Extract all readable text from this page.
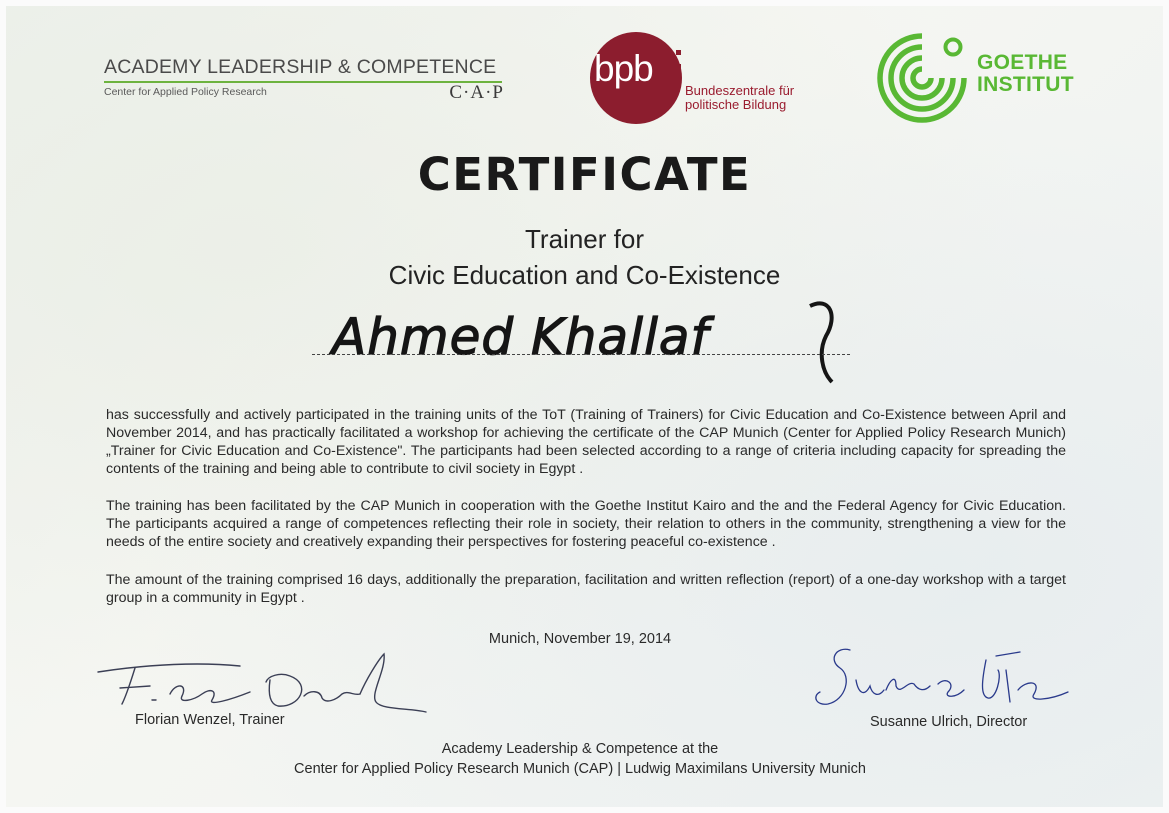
ACADEMY LEADERSHIP & COMPETENCE
Center for Applied Policy Research	C·A·P
bpb
Bundeszentrale für
politische Bildung
GOETHE
INSTITUT
CERTIFICATE
Trainer for
Civic Education and Co-Existence
Ahmed Khallaf
has successfully and actively participated in the training units of the ToT (Training of Trainers) for Civic Education and Co-Existence between April and November 2014, and has practically facilitated a workshop for achieving the certificate of the CAP Munich (Center for Applied Policy Research Munich) „Trainer for Civic Education and Co-Existence". The participants had been selected according to a range of criteria including capacity for spreading the contents of the training and being able to contribute to civil society in Egypt .
The training has been facilitated by the CAP Munich in cooperation with the Goethe Institut Kairo and the and the Federal Agency for Civic Education. The participants acquired a range of competences reflecting their role in society, their relation to others in the community, strengthening a view for the needs of the entire society and creatively expanding their perspectives for fostering peaceful co-existence .
The amount of the training comprised 16 days, additionally the preparation, facilitation and written reflection (report) of a one-day workshop with a target group in a community in Egypt .
Munich, November 19, 2014
Florian Wenzel, Trainer	Susanne Ulrich, Director
Academy Leadership & Competence at the
Center for Applied Policy Research Munich (CAP) | Ludwig Maximilans University Munich
